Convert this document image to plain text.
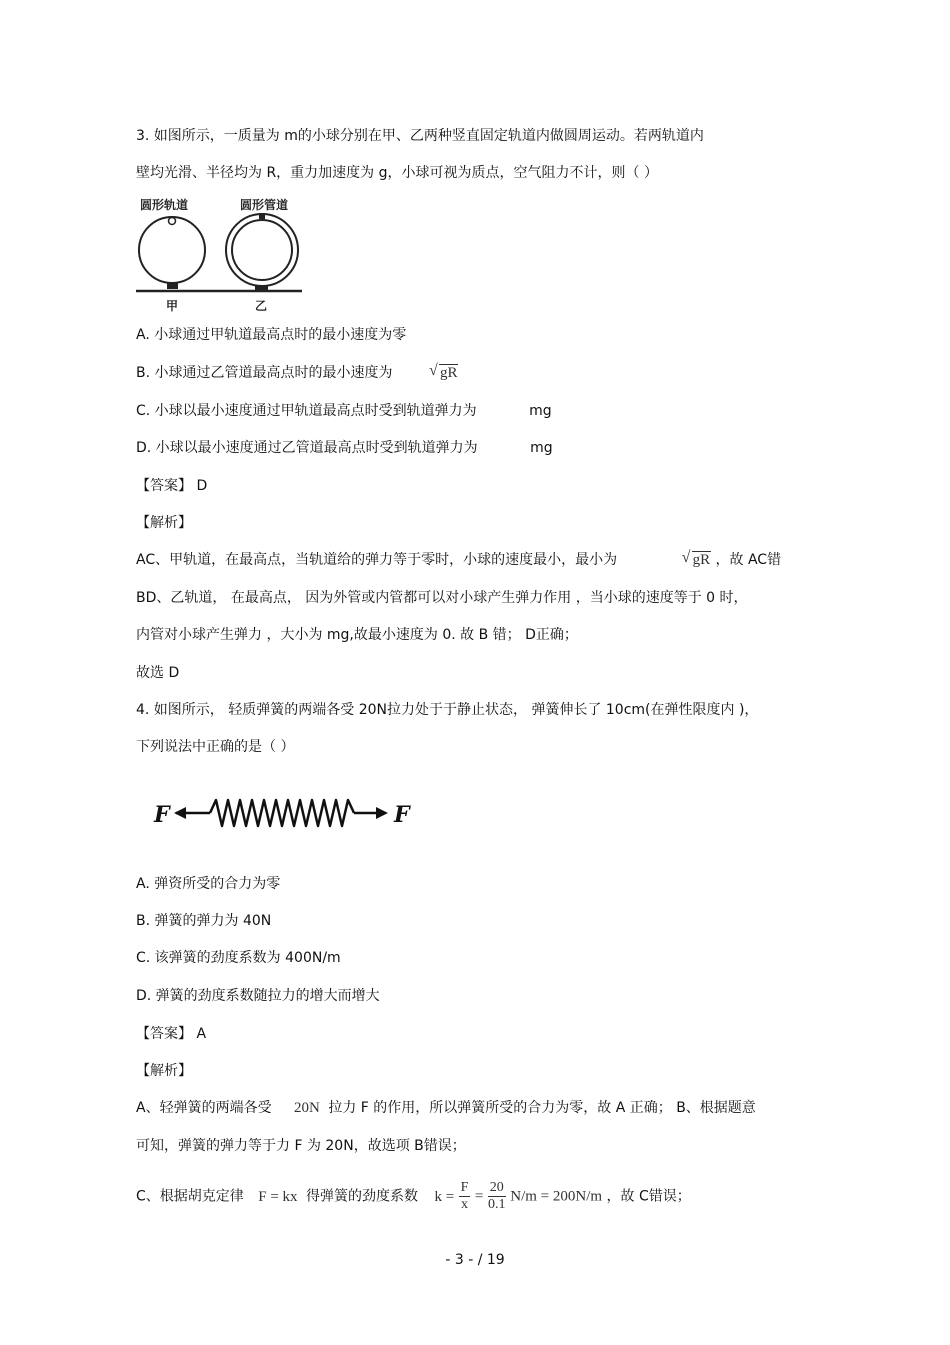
3. 如图所示，一质量为 m的小球分别在甲、乙两种竖直固定轨道内做圆周运动。若两轨道内
壁均光滑、半径均为 R，重力加速度为 g，小球可视为质点，空气阻力不计，则（ ）
圆形轨道	圆形管道
甲	乙
A. 小球通过甲轨道最高点时的最小速度为零
B. 小球通过乙管道最高点时的最小速度为 √ gR
C. 小球以最小速度通过甲轨道最高点时受到轨道弹力为	mg
D. 小球以最小速度通过乙管道最高点时受到轨道弹力为	mg
【答案】 D
【解析】
AC、甲轨道，在最高点，当轨道给的弹力等于零时，小球的速度最小，最小为	√ gR ，故 AC错
BD、乙轨道， 在最高点， 因为外管或内管都可以对小球产生弹力作用 ，当小球的速度等于 0 时，
内管对小球产生弹力 ，大小为 mg,故最小速度为 0. 故 B 错； D正确；
故选 D
4. 如图所示， 轻质弹簧的两端各受 20N拉力处于于静止状态， 弹簧伸长了 10cm(在弹性限度内 )，
下列说法中正确的是（ ）
F	F
A. 弹资所受的合力为零
B. 弹簧的弹力为 40N
C. 该弹簧的劲度系数为 400N/m
D. 弹簧的劲度系数随拉力的增大而增大
【答案】 A
【解析】
A、轻弹簧的两端各受 20N 拉力 F 的作用，所以弹簧所受的合力为零，故 A 正确； B、根据题意
可知，弹簧的弹力等于力 F 为 20N，故选项 B错误；
C、根据胡克定律 F = kx 得弹簧的劲度系数 $k = \frac{F}{x} = \frac{20}{0.1} N/m = 200N/m$ ，故 C错误；
- 3 - / 19
